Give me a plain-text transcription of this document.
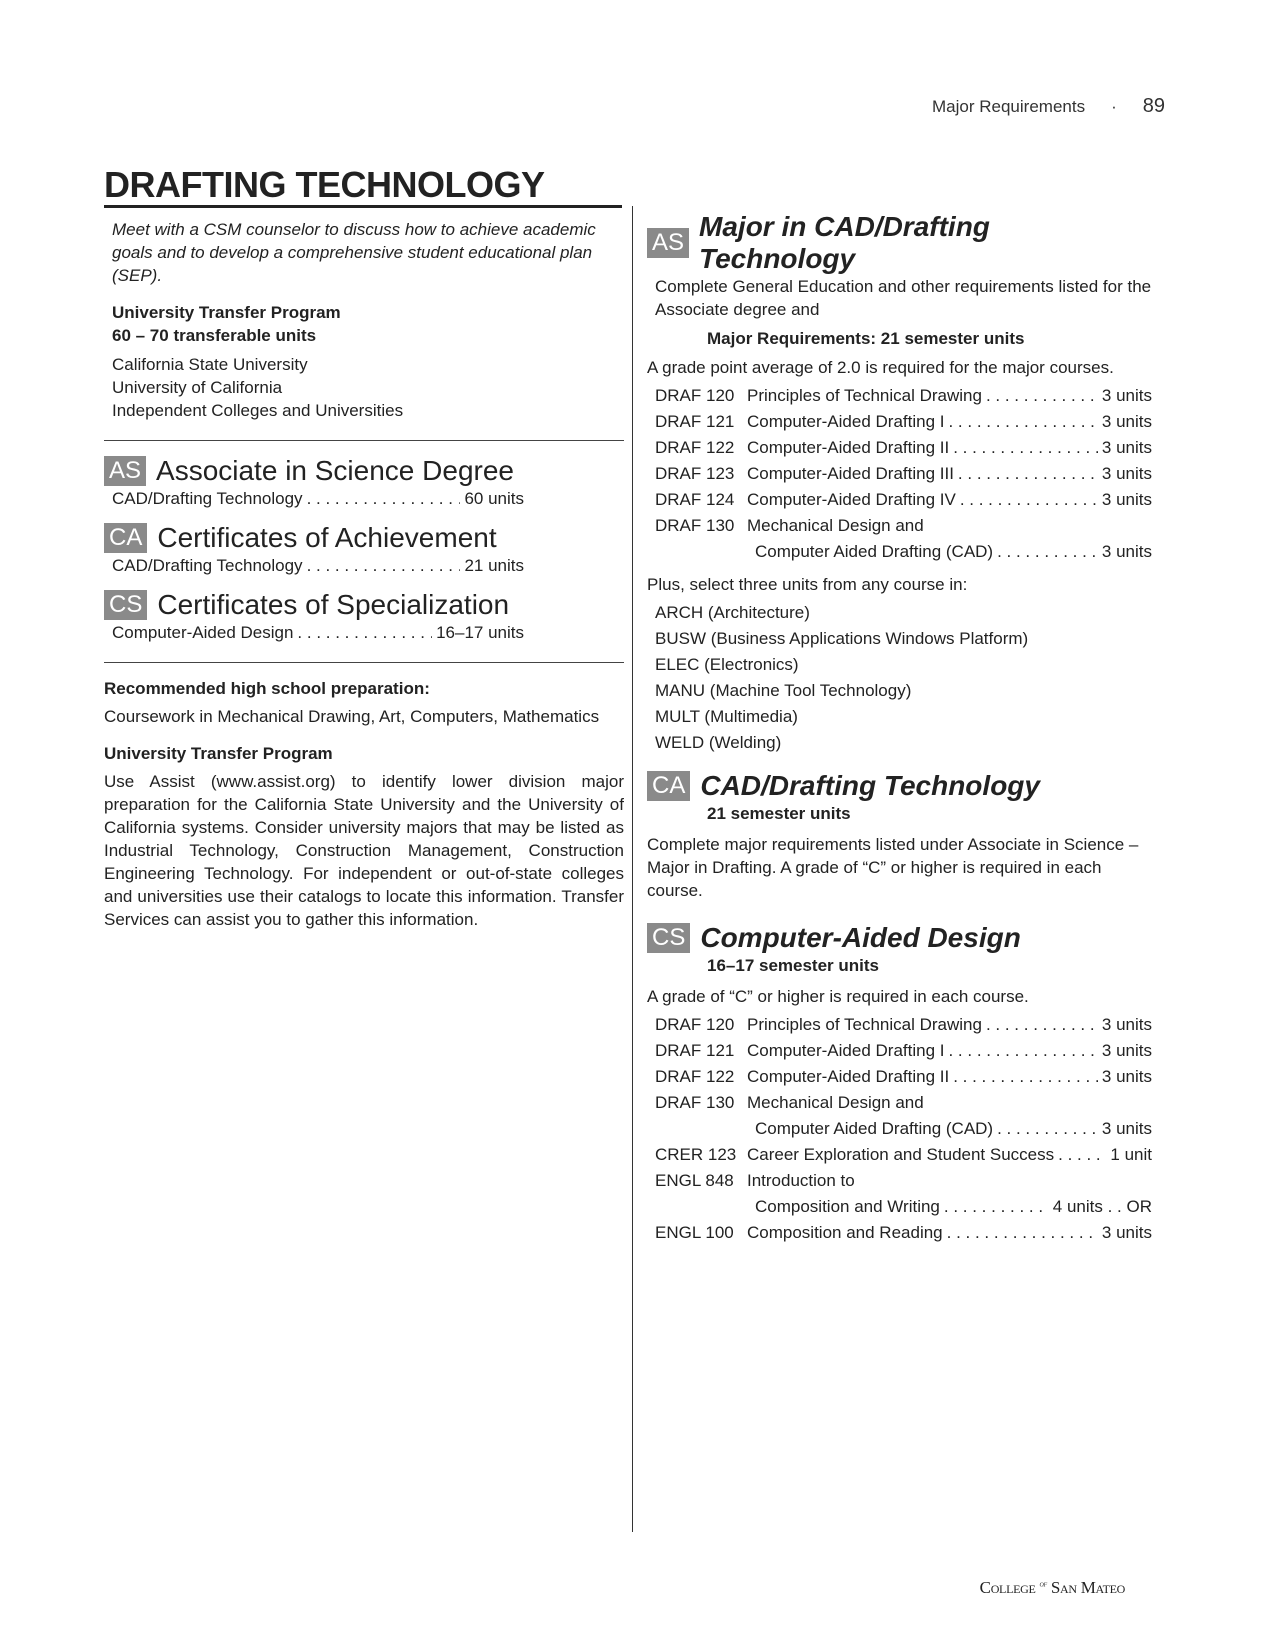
Major Requirements · 89
DRAFTING TECHNOLOGY

Meet with a CSM counselor to discuss how to achieve academic goals and to develop a comprehensive student educational plan (SEP).

University Transfer Program

60 – 70 transferable units

California State University

University of California

Independent Colleges and Universities

AS Associate in Science Degree
CAD/Drafting Technology . . .	60 units
CA Certificates of Achievement
CAD/Drafting Technology . . .	21 units
CS Certificates of Specialization
Computer-Aided Design . . .	16–17 units

Recommended high school preparation:

Coursework in Mechanical Drawing, Art, Computers, Mathematics

University Transfer Program

Use Assist (www.assist.org) to identify lower division major preparation for the California State University and the University of California systems. Consider university majors that may be listed as Industrial Technology, Construction Management, Construction Engineering Technology. For independent or out-of-state colleges and universities use their catalogs to locate this information. Transfer Services can assist you to gather this information.

AS
Major in CAD/Drafting Technology

Complete General Education and other requirements listed for the Associate degree and

Major Requirements: 21 semester units

A grade point average of 2.0 is required for the major courses.

DRAF 120 Principles of Technical Drawing . . .	3 units
DRAF 121 Computer-Aided Drafting I . . .	3 units
DRAF 122 Computer-Aided Drafting II . . .	3 units
DRAF 123 Computer-Aided Drafting III . . .	3 units
DRAF 124 Computer-Aided Drafting IV . . .	3 units
DRAF 130 Mechanical Design and
Computer Aided Drafting (CAD) . . .	3 units

Plus, select three units from any course in:

ARCH (Architecture)

BUSW (Business Applications Windows Platform)

ELEC (Electronics)

MANU (Machine Tool Technology)

MULT (Multimedia)

WELD (Welding)

CA CAD/Drafting Technology

21 semester units

Complete major requirements listed under Associate in Science – Major in Drafting. A grade of “C” or higher is required in each course.

CS Computer-Aided Design

16–17 semester units

A grade of “C” or higher is required in each course.

DRAF 120 Principles of Technical Drawing . . .	3 units
DRAF 121 Computer-Aided Drafting I . . .	3 units
DRAF 122 Computer-Aided Drafting II . . .	3 units
DRAF 130 Mechanical Design and
Computer Aided Drafting (CAD) . . .	3 units
CRER 123 Career Exploration and Student Success . . .	1 unit
ENGL 848 Introduction to
Composition and Writing . . .	4 units . . OR
ENGL 100 Composition and Reading . . .	3 units
College $^{of}$ San Mateo
